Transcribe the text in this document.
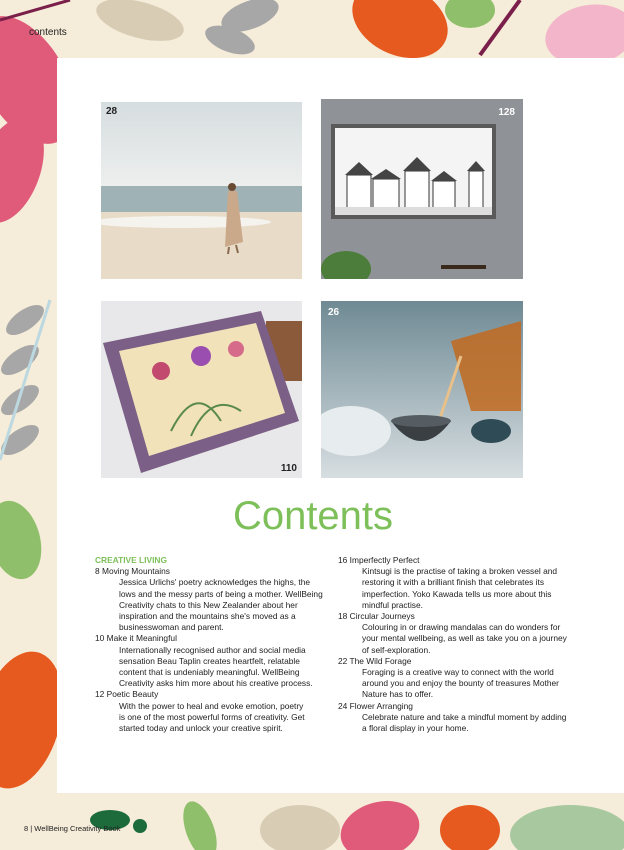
contents
28	128
110
26
Contents
CREATIVE LIVING

8 Moving Mountains

Jessica Urlichs' poetry acknowledges the highs, the

lows and the messy parts of being a mother. WellBeing

Creativity chats to this New Zealander about her

inspiration and the mountains she's moved as a

businesswoman and parent.

10 Make it Meaningful

Internationally recognised author and social media

sensation Beau Taplin creates heartfelt, relatable

content that is undeniably meaningful. WellBeing

Creativity asks him more about his creative process.

12 Poetic Beauty

With the power to heal and evoke emotion, poetry

is one of the most powerful forms of creativity. Get

started today and unlock your creative spirit.

16 Imperfectly Perfect

Kintsugi is the practise of taking a broken vessel and

restoring it with a brilliant finish that celebrates its

imperfection. Yoko Kawada tells us more about this

mindful practise.

18 Circular Journeys

Colouring in or drawing mandalas can do wonders for

your mental wellbeing, as well as take you on a journey

of self-exploration.

22 The Wild Forage

Foraging is a creative way to connect with the world

around you and enjoy the bounty of treasures Mother

Nature has to offer.

24 Flower Arranging

Celebrate nature and take a mindful moment by adding

a floral display in your home.

8 | WellBeing Creativity Book
